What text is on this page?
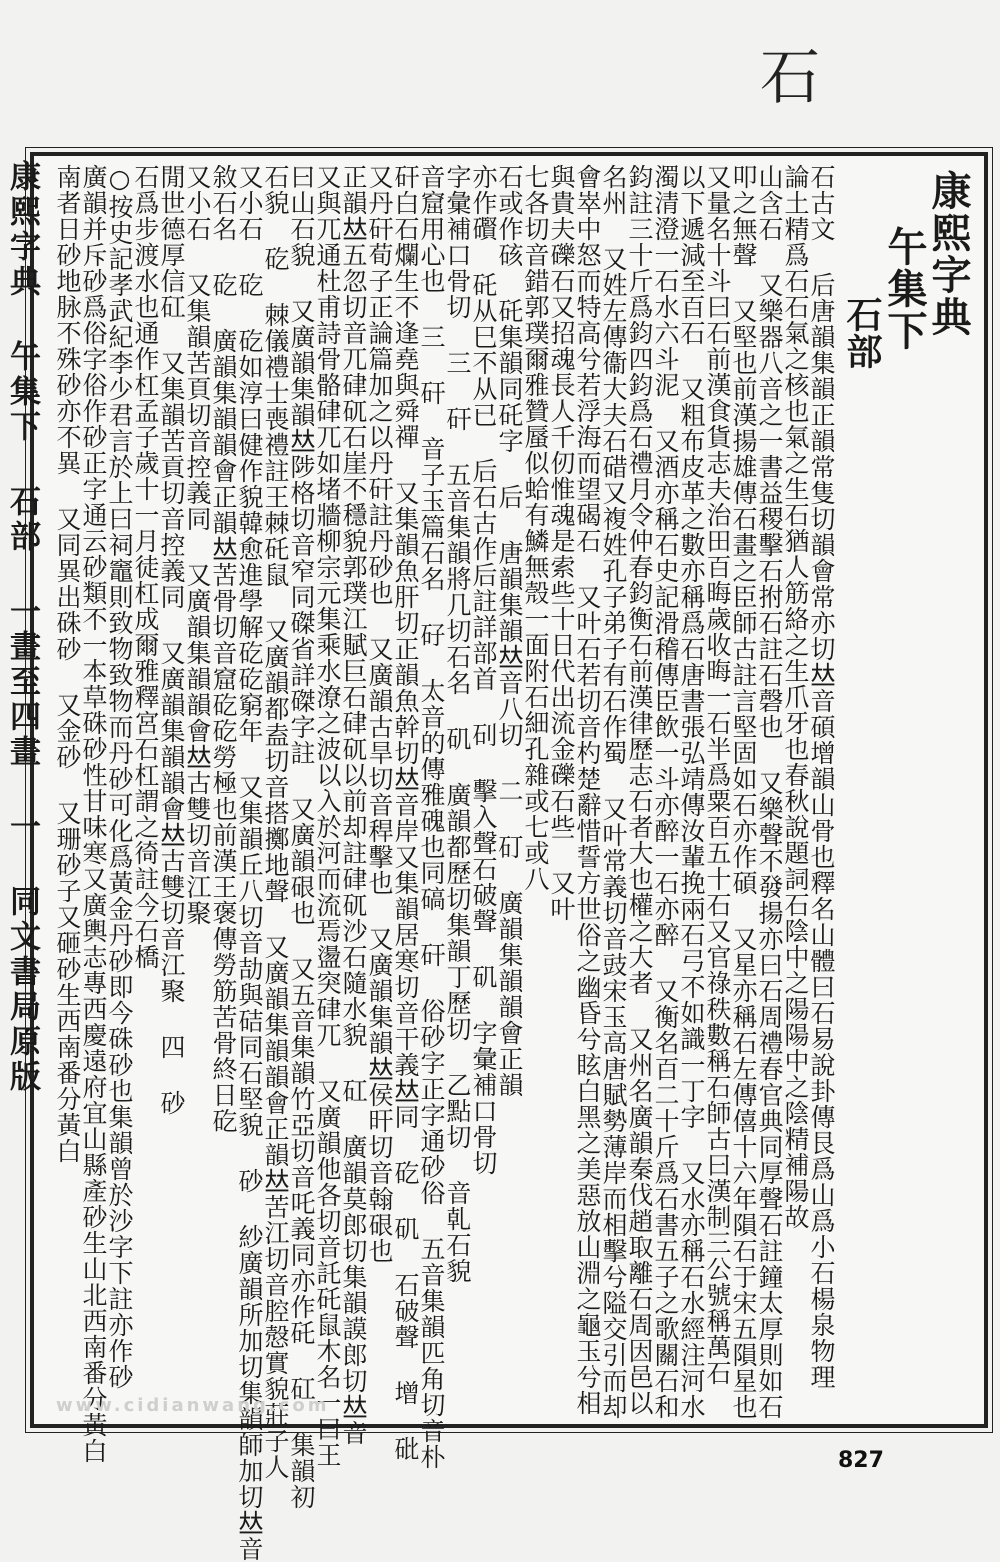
石
康熙字典
午集下
石部
石古文 后唐韻集韻正韻常隻切韻會常亦切𠀤音碩增韻山骨也釋名山體曰石易說卦傳艮爲山爲小石楊泉物理
論土精爲石石氣之核也氣之生石猶人筋絡之生爪牙也春秋說題詞石陰中之陽陽中之陰精補陽故
山含石 又樂器八音之一書益稷擊石拊石註石磬也 又樂聲不發揚亦曰石周禮春官典同厚聲石註鐘太厚則如石
叩之無聲 又堅也前漢揚雄傳石畫之臣師古註言堅固如石亦作碩 又星亦稱石左傳僖十六年隕石于宋五隕星也
又量名十斗曰石前漢食貨志夫治田百晦歲收晦一石半爲粟百五十石又官祿秩數稱石師古曰漢制三公號稱萬石
以下遞減至百石 又粗布皮革之數亦稱爲石唐書張弘靖傳汝輩挽兩石弓不如識一丁字 又水亦稱石水經注河水
濁清澄一石水六斗泥 又酒亦稱石史記滑稽傳臣飲一斗亦醉一石亦醉 又衡名百二十斤爲石書五子之歌關石和
鈞註三十斤爲鈞四鈞爲石禮月令仲春鈞衡石前漢律歷志石者大也權之大者 又州名廣韻秦伐趙取離石周因邑以
名州 又姓左傳衞大夫石碏又複姓孔子弟子有石作蜀 又叶常義切音豉宋玉高唐賦勢薄岸而相擊兮隘交引而却
會崒中怒而特高兮若浮海而望碣石 又叶石若切音杓楚辭惜誓方世俗之幽昏兮眩白黑之美惡放山淵之龜玉兮相
與貴夫礫石又招魂長人千仞惟魂是索些十日代出流金礫石些 又叶
七各切音錯郭璞爾雅贊蜃似蛤有鱗無殼一面附石細孔雜或七或八
石或作硋 矺集韻同矺字 后 唐韻集韻𠀤音八切 二 矴 廣韻集韻韻會正韻
亦作礥 矺从巳不从已 后石古作后註詳部首 矵 擊入聲石破聲 矶 字彙補口骨切
字彙補口骨切 三 矸 五音集韻將几切石名 矶 廣韻都歷切集韻丁歷切 乙點切 音乹石貌
音窟用心也 三 矸 音子玉篇石名 矷 太音的傳雅磈也同碻 矸 俗砂字正字通砂俗 五音集韻匹角切音朴
矸白石爛生不逢堯與舜禪 又集韻魚肝切正韻魚幹切𠀤音岸又集韻居寒切音干義𠀤同 矻 矶 石破聲 增 砒
又丹矸荀子正論篇加之以丹矸註丹砂也 又廣韻古旱切音稈擊也 又廣韻集韻𠀤侯旰切音翰硍也
正韻𠀤五忽切音兀硉矹石崖不穩貌郭璞江賦巨石硉矹以前却註硉矹沙石隨水貌 矼 廣韻莫郎切集韻謨郎切𠀤音
又與兀通杜甫詩骨骼硉兀如堵牆柳宗元集乘水潦之波以入於河而流焉盪突硉兀 又廣韻他各切音託矺鼠木名一曰王
曰山石貌 又廣韻集韻𠀤陟格切音窄同磔省詳磔字註 又廣韻硍也 又五音集韻竹亞切音吒義同亦作矺 矼 集韻初
石貌 矻 棘儀禮士喪禮註王棘矺鼠 又廣韻都盍切音搭擲地聲 又廣韻集韻韻會正韻𠀤苦江切音腔慤實貌莊子人
又小石 矻 矻如淳曰健作貌韓愈進學解矻矻窮年 又集韻丘八切音劼與硈同石堅貌 砂 紗廣韻所加切集韻師加切𠀤音
敘石名 矻 廣韻集韻韻會正韻𠀤苦骨切音窟矻矻勞極也前漢王褒傳勞筋苦骨終日矻
又小石 又集韻苦頁切音控義同 又廣韻集韻韻會𠀤古雙切音江聚
閒世德厚信矼 又集韻苦貢切音控義同 又廣韻集韻韻會𠀤古雙切音江聚 四 砂
石爲步渡水也通作杠孟子歲十一月徒杠成爾雅釋宮石杠謂之徛註今石橋
○按史記孝武紀李少君言於上曰祠竈則致物致物而丹砂可化爲黃金丹砂即今硃砂也集韻曾於沙字下註亦作砂
廣韻并斥砂爲俗字俗作砂正字通云砂類不一本草硃砂性甘味寒又廣輿志專西慶遠府宜山縣產砂生山北西南番分黃白
南者日砂地脉不殊砂亦不異 又同異出硃砂 又金砂 又珊砂子又砸砂生西南番分黃白
康熙字典 午集下 石部 一畫至四畫 一 同文書局原版
www.cidianwang.com
827
